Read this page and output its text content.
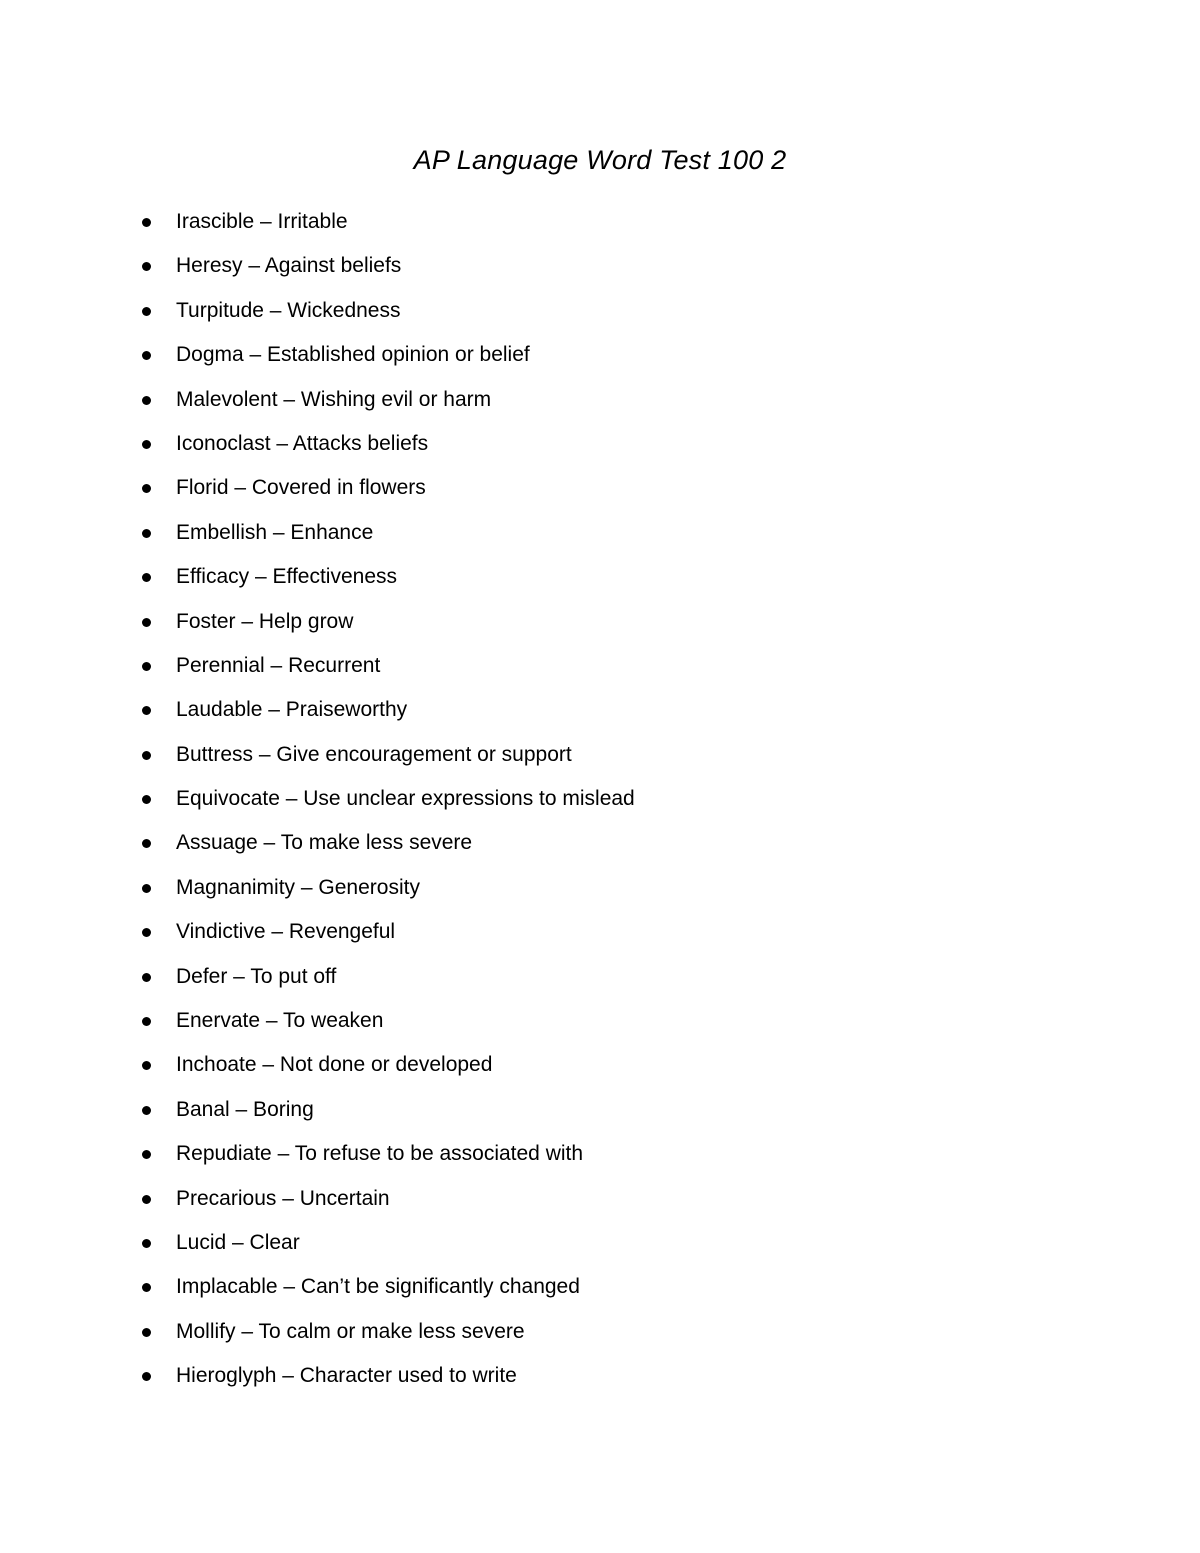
AP Language Word Test 100 2
Irascible – Irritable
Heresy – Against beliefs
Turpitude – Wickedness
Dogma – Established opinion or belief
Malevolent – Wishing evil or harm
Iconoclast – Attacks beliefs
Florid – Covered in flowers
Embellish – Enhance
Efficacy – Effectiveness
Foster – Help grow
Perennial – Recurrent
Laudable – Praiseworthy
Buttress – Give encouragement or support
Equivocate – Use unclear expressions to mislead
Assuage – To make less severe
Magnanimity – Generosity
Vindictive – Revengeful
Defer – To put off
Enervate – To weaken
Inchoate – Not done or developed
Banal – Boring
Repudiate – To refuse to be associated with
Precarious – Uncertain
Lucid – Clear
Implacable – Can’t be significantly changed
Mollify – To calm or make less severe
Hieroglyph – Character used to write
